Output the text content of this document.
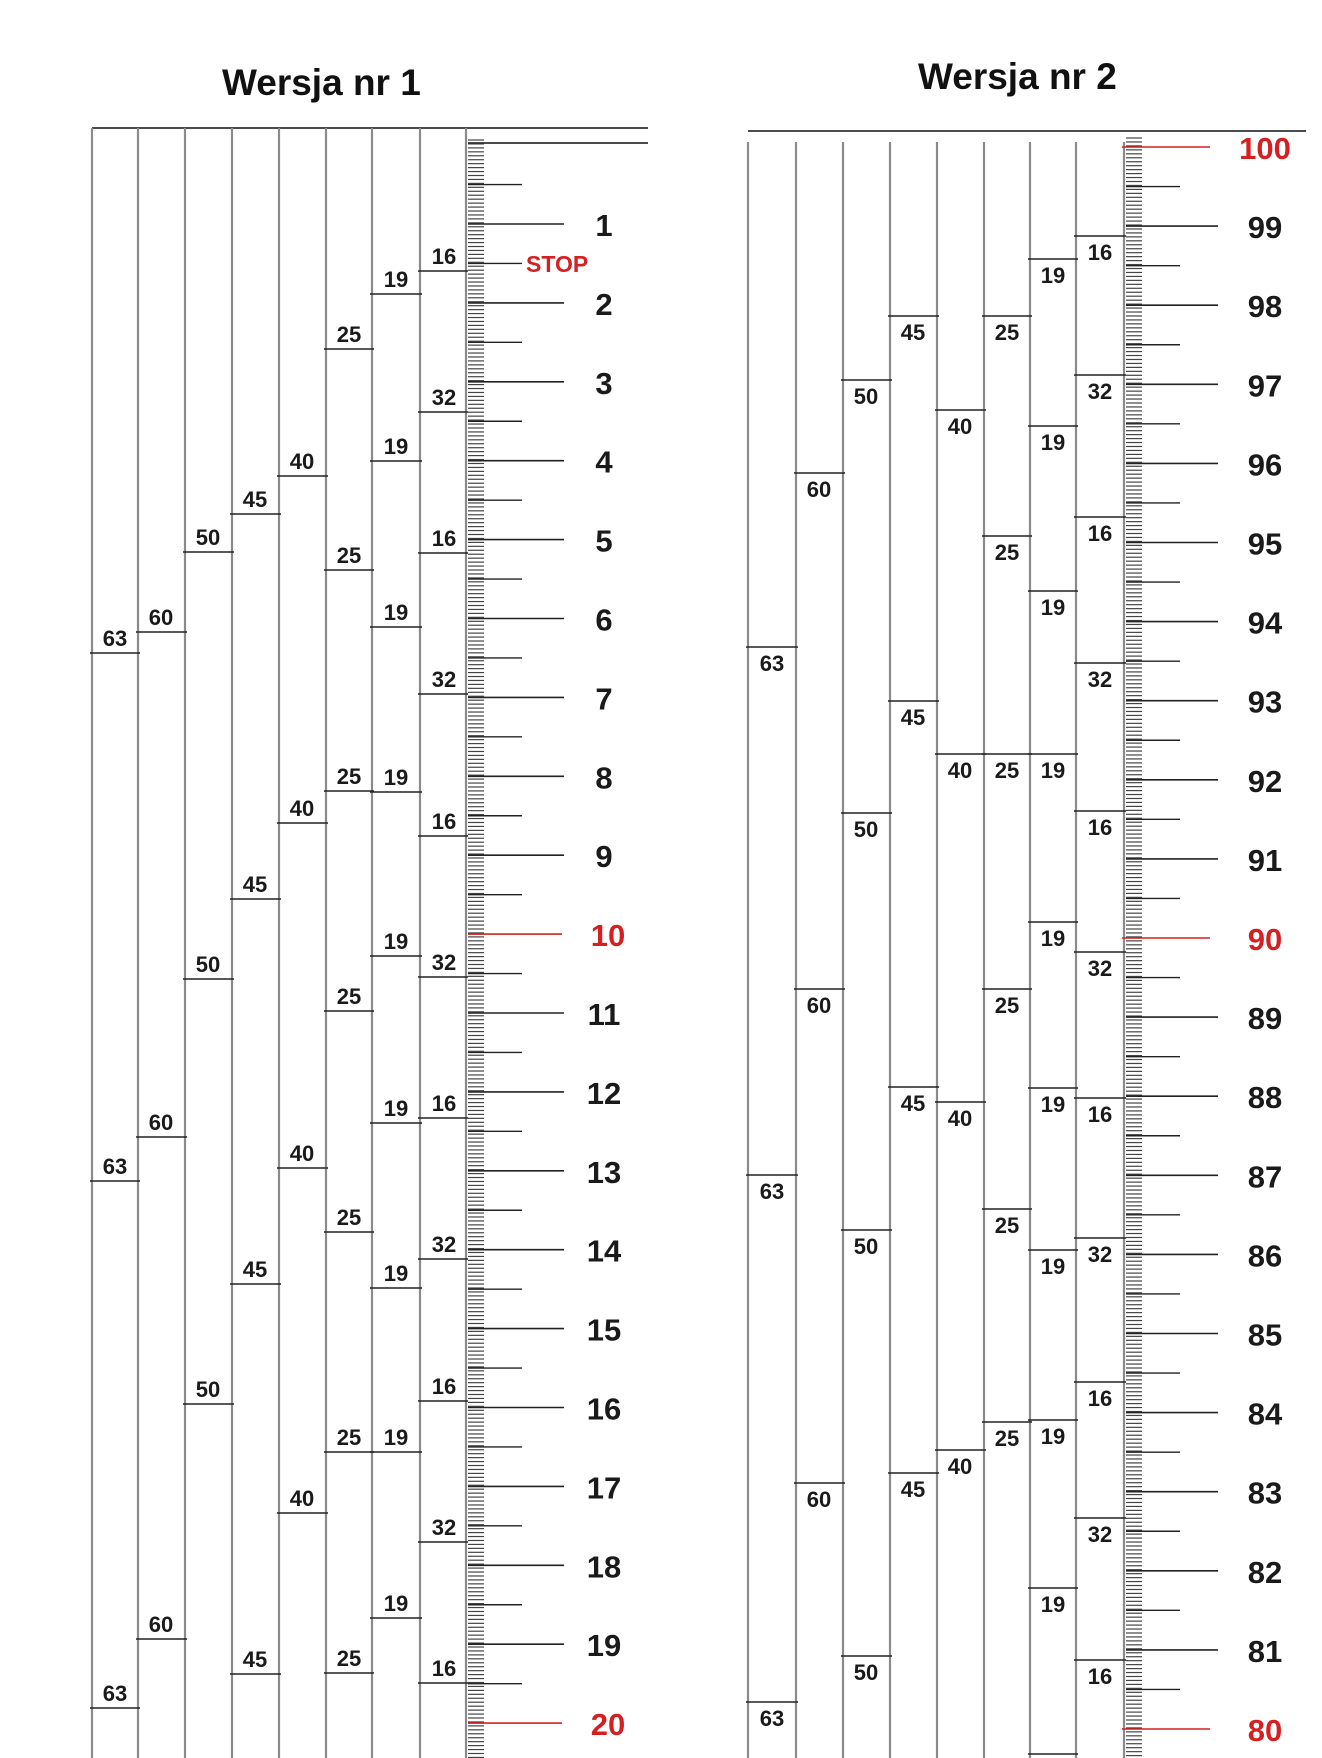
Wersja nr 1	Wersja nr 2
1
2
3
4
5
6
7
8
9
10
11
12
13
14
15
16
17
18
19
20
STOP
63
63
63
60
60
60
50
50
50
45
45
45
45
40
40
40
40
25
25
25
25
25
25
25
19
19
19
19
19
19
19
19
19
16
32
16
32
16
32
16
32
16
32
16
100
99
98
97
96
95
94
93
92
91
90
89
88
87
86
85
84
83
82
81
80
63
63
63
60
60
60
50
50
50
50
45
45
45
45
40
40
40
40
25
25
25
25
25
25
19
19
19
19
19
19
19
19
19
16
32
16
32
16
32
16
32
16
32
16
